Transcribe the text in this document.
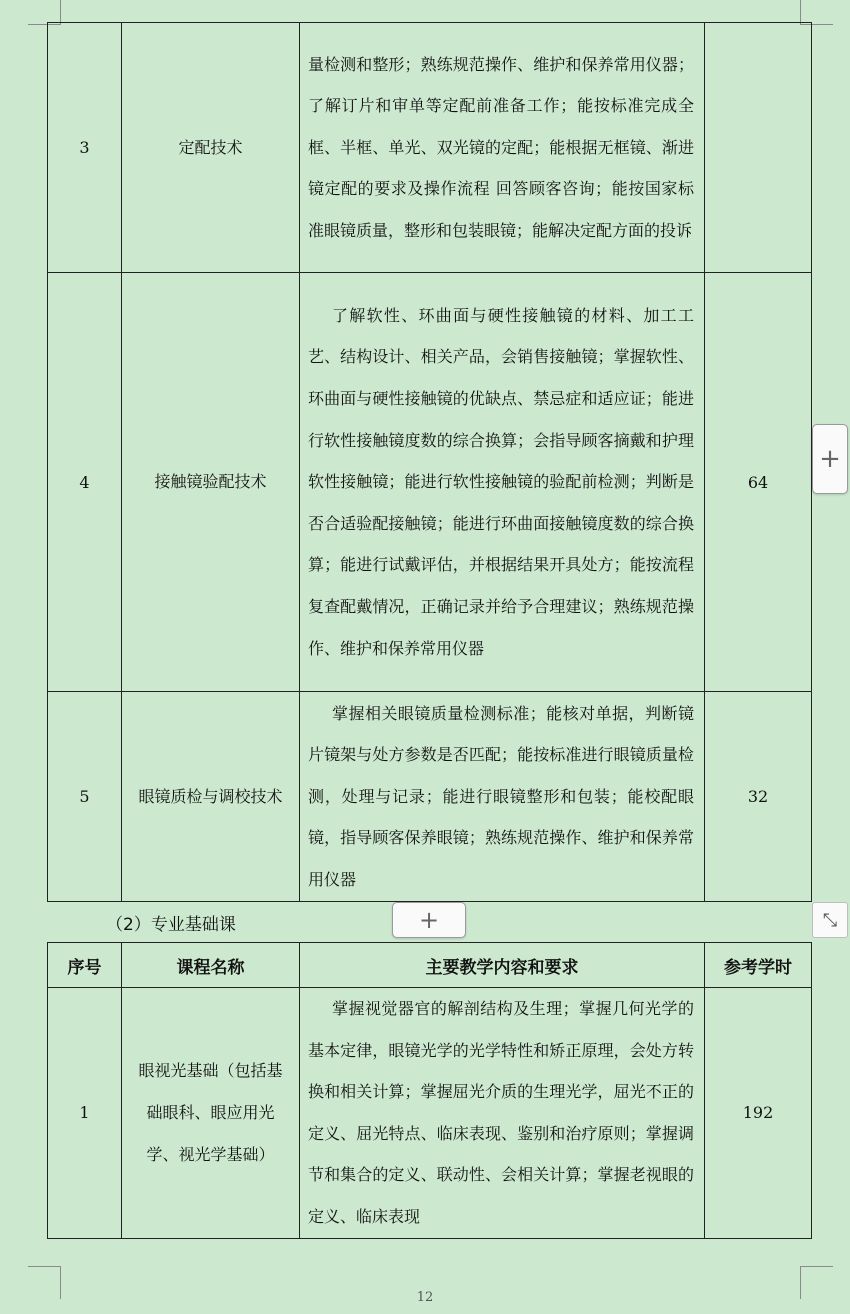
3	定配技术	量检测和整形；熟练规范操作、维护和保养常用仪器；了解订片和审单等定配前准备工作；能按标准完成全框、半框、单光、双光镜的定配；能根据无框镜、渐进镜定配的要求及操作流程 回答顾客咨询；能按国家标准眼镜质量，整形和包装眼镜；能解决定配方面的投诉	
4	接触镜验配技术	了解软性、环曲面与硬性接触镜的材料、加工工艺、结构设计、相关产品，会销售接触镜；掌握软性、环曲面与硬性接触镜的优缺点、禁忌症和适应证；能进行软性接触镜度数的综合换算；会指导顾客摘戴和护理软性接触镜；能进行软性接触镜的验配前检测；判断是否合适验配接触镜；能进行环曲面接触镜度数的综合换算；能进行试戴评估，并根据结果开具处方；能按流程复查配戴情况，正确记录并给予合理建议；熟练规范操作、维护和保养常用仪器	64
5	眼镜质检与调校技术	掌握相关眼镜质量检测标准；能核对单据，判断镜片镜架与处方参数是否匹配；能按标准进行眼镜质量检测，处理与记录；能进行眼镜整形和包装；能校配眼镜，指导顾客保养眼镜；熟练规范操作、维护和保养常用仪器	32
（2）专业基础课
序号	课程名称	主要教学内容和要求	参考学时
1	眼视光基础（包括基础眼科、眼应用光学、视光学基础）	掌握视觉器官的解剖结构及生理；掌握几何光学的基本定律，眼镜光学的光学特性和矫正原理，会处方转换和相关计算；掌握屈光介质的生理光学，屈光不正的定义、屈光特点、临床表现、鉴别和治疗原则；掌握调节和集合的定义、联动性、会相关计算；掌握老视眼的定义、临床表现	192
+
+	⤡
12
